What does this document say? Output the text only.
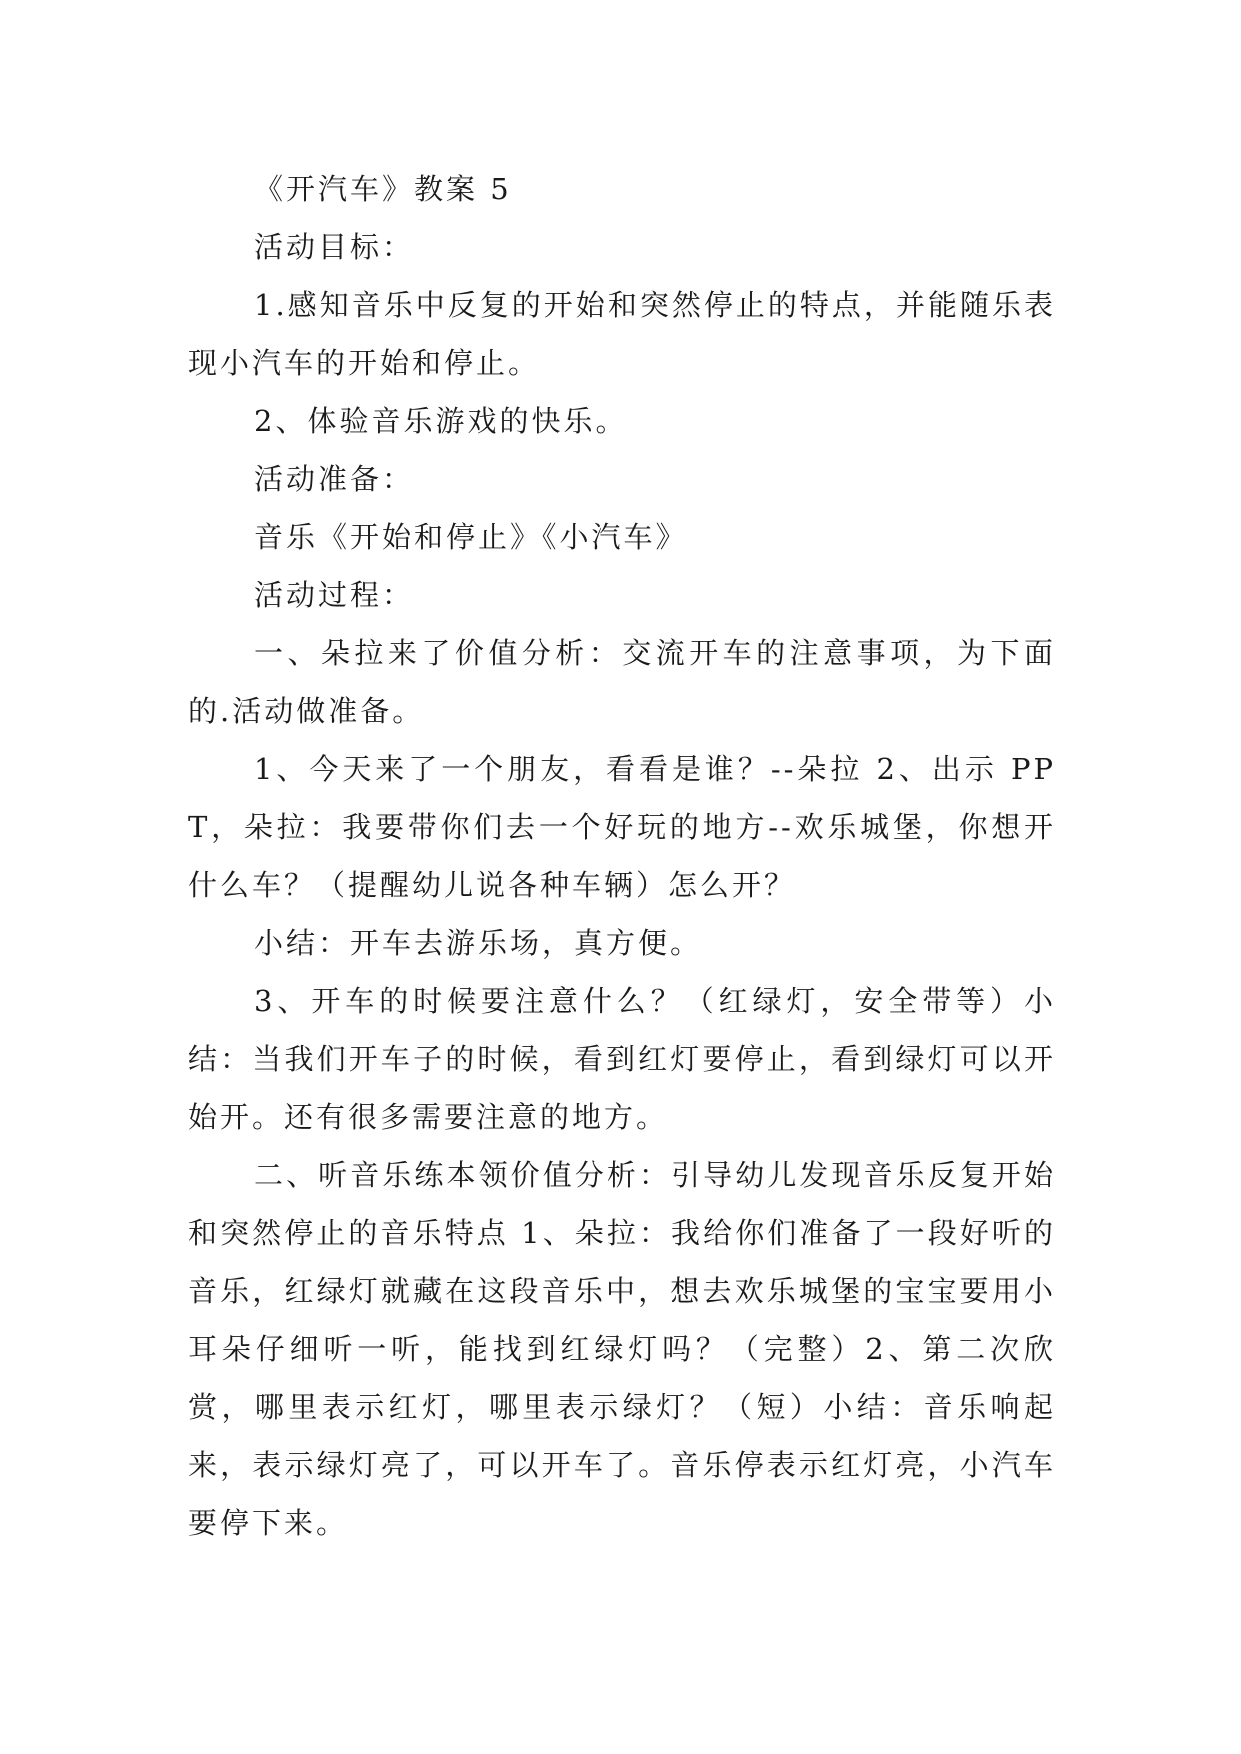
《开汽车》教案 5

活动目标：

1.感知音乐中反复的开始和突然停止的特点，并能随乐表现小汽车的开始和停止。

2、体验音乐游戏的快乐。

活动准备：

音乐《开始和停止》《小汽车》

活动过程：

一、朵拉来了价值分析：交流开车的注意事项，为下面的.活动做准备。

1、今天来了一个朋友，看看是谁？--朵拉 2、出示 PPT，朵拉：我要带你们去一个好玩的地方--欢乐城堡，你想开什么车？（提醒幼儿说各种车辆）怎么开？

小结：开车去游乐场，真方便。

3、开车的时候要注意什么？（红绿灯，安全带等）小结：当我们开车子的时候，看到红灯要停止，看到绿灯可以开始开。还有很多需要注意的地方。

二、听音乐练本领价值分析：引导幼儿发现音乐反复开始和突然停止的音乐特点 1、朵拉：我给你们准备了一段好听的音乐，红绿灯就藏在这段音乐中，想去欢乐城堡的宝宝要用小耳朵仔细听一听，能找到红绿灯吗？（完整）2、第二次欣赏，哪里表示红灯，哪里表示绿灯？（短）小结：音乐响起来，表示绿灯亮了，可以开车了。音乐停表示红灯亮，小汽车要停下来。
